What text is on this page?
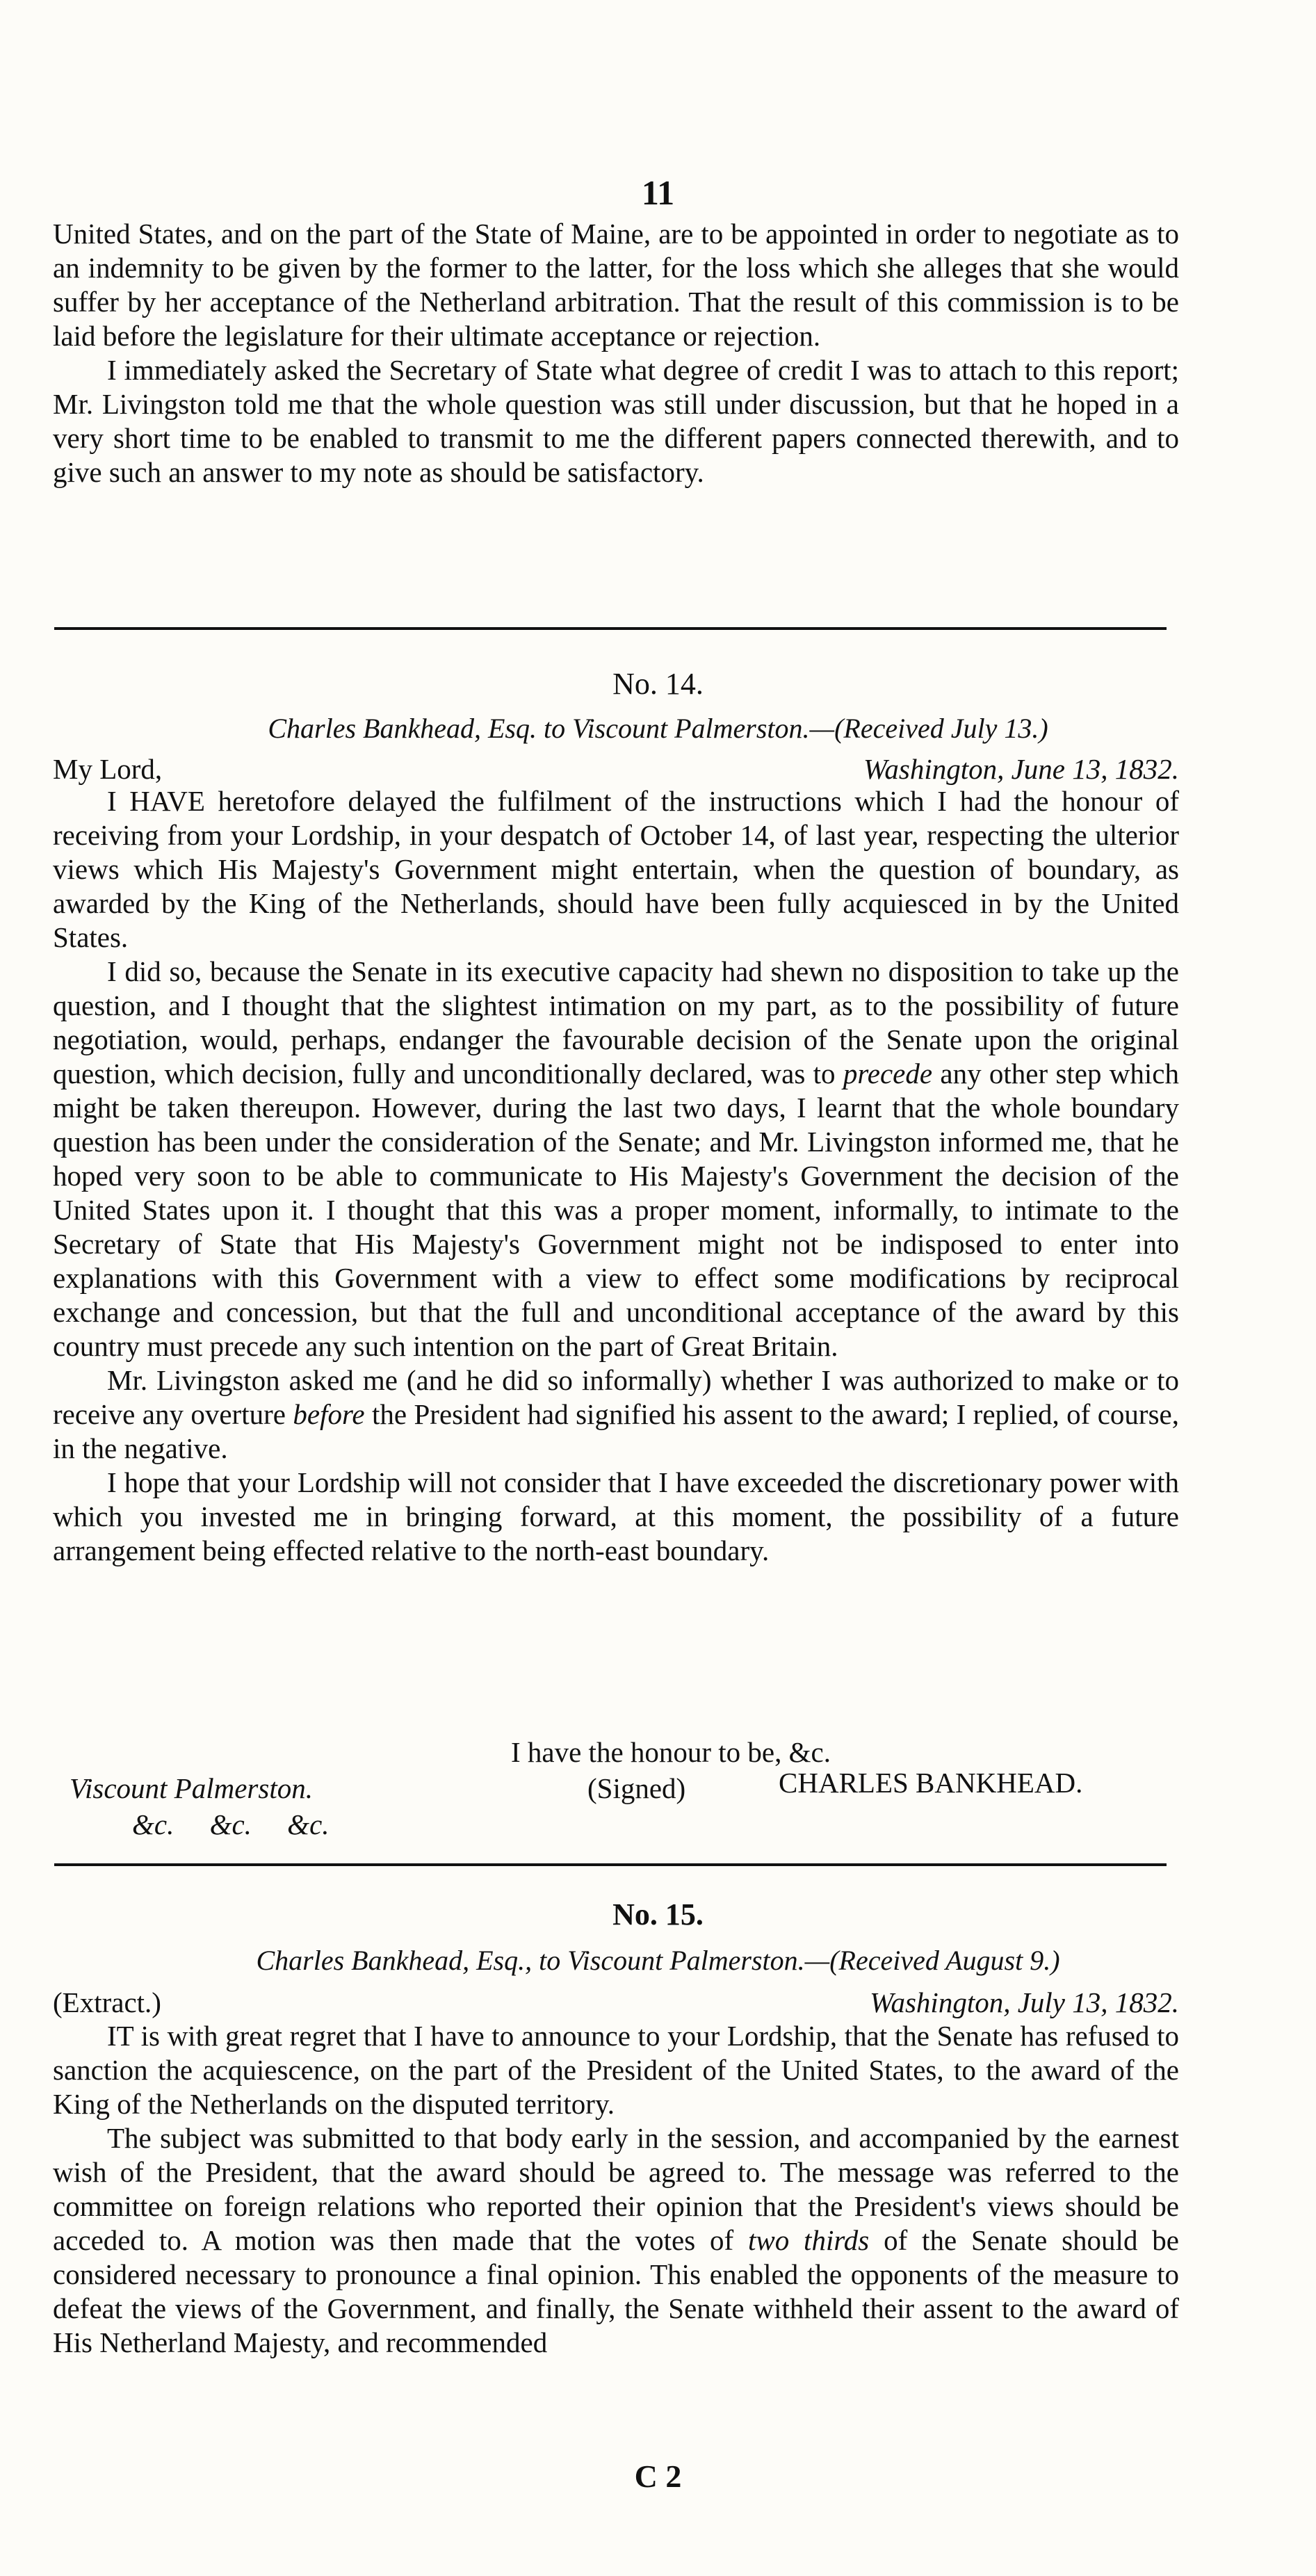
11

United States, and on the part of the State of Maine, are to be appointed in order to negotiate as to an indemnity to be given by the former to the latter, for the loss which she alleges that she would suffer by her acceptance of the Netherland arbitration. That the result of this commission is to be laid before the legislature for their ultimate acceptance or rejection.

I immediately asked the Secretary of State what degree of credit I was to attach to this report; Mr. Livingston told me that the whole question was still under discussion, but that he hoped in a very short time to be enabled to transmit to me the different papers connected therewith, and to give such an answer to my note as should be satisfactory.

No. 14.
Charles Bankhead, Esq. to Viscount Palmerston.—(Received July 13.)
My Lord,	Washington, June 13, 1832.

I HAVE heretofore delayed the fulfilment of the instructions which I had the honour of receiving from your Lordship, in your despatch of October 14, of last year, respecting the ulterior views which His Majesty's Government might entertain, when the question of boundary, as awarded by the King of the Netherlands, should have been fully acquiesced in by the United States.

I did so, because the Senate in its executive capacity had shewn no disposition to take up the question, and I thought that the slightest intimation on my part, as to the possibility of future negotiation, would, perhaps, endanger the favourable decision of the Senate upon the original question, which decision, fully and unconditionally declared, was to precede any other step which might be taken thereupon. However, during the last two days, I learnt that the whole boundary question has been under the consideration of the Senate; and Mr. Livingston informed me, that he hoped very soon to be able to communicate to His Majesty's Government the decision of the United States upon it. I thought that this was a proper moment, informally, to intimate to the Secretary of State that His Majesty's Government might not be indisposed to enter into explanations with this Government with a view to effect some modifications by reciprocal exchange and concession, but that the full and unconditional acceptance of the award by this country must precede any such intention on the part of Great Britain.

Mr. Livingston asked me (and he did so informally) whether I was authorized to make or to receive any overture before the President had signified his assent to the award; I replied, of course, in the negative.

I hope that your Lordship will not consider that I have exceeded the discretionary power with which you invested me in bringing forward, at this moment, the possibility of a future arrangement being effected relative to the north-east boundary.

I have the honour to be, &c.
Viscount Palmerston.	(Signed)	CHARLES BANKHEAD.
&c.     &c.     &c.
No. 15.
Charles Bankhead, Esq., to Viscount Palmerston.—(Received August 9.)
(Extract.)	Washington, July 13, 1832.

IT is with great regret that I have to announce to your Lordship, that the Senate has refused to sanction the acquiescence, on the part of the President of the United States, to the award of the King of the Netherlands on the disputed territory.

The subject was submitted to that body early in the session, and accompanied by the earnest wish of the President, that the award should be agreed to. The message was referred to the committee on foreign relations who reported their opinion that the President's views should be acceded to. A motion was then made that the votes of two thirds of the Senate should be considered necessary to pronounce a final opinion. This enabled the opponents of the measure to defeat the views of the Government, and finally, the Senate withheld their assent to the award of His Netherland Majesty, and recommended

C 2
